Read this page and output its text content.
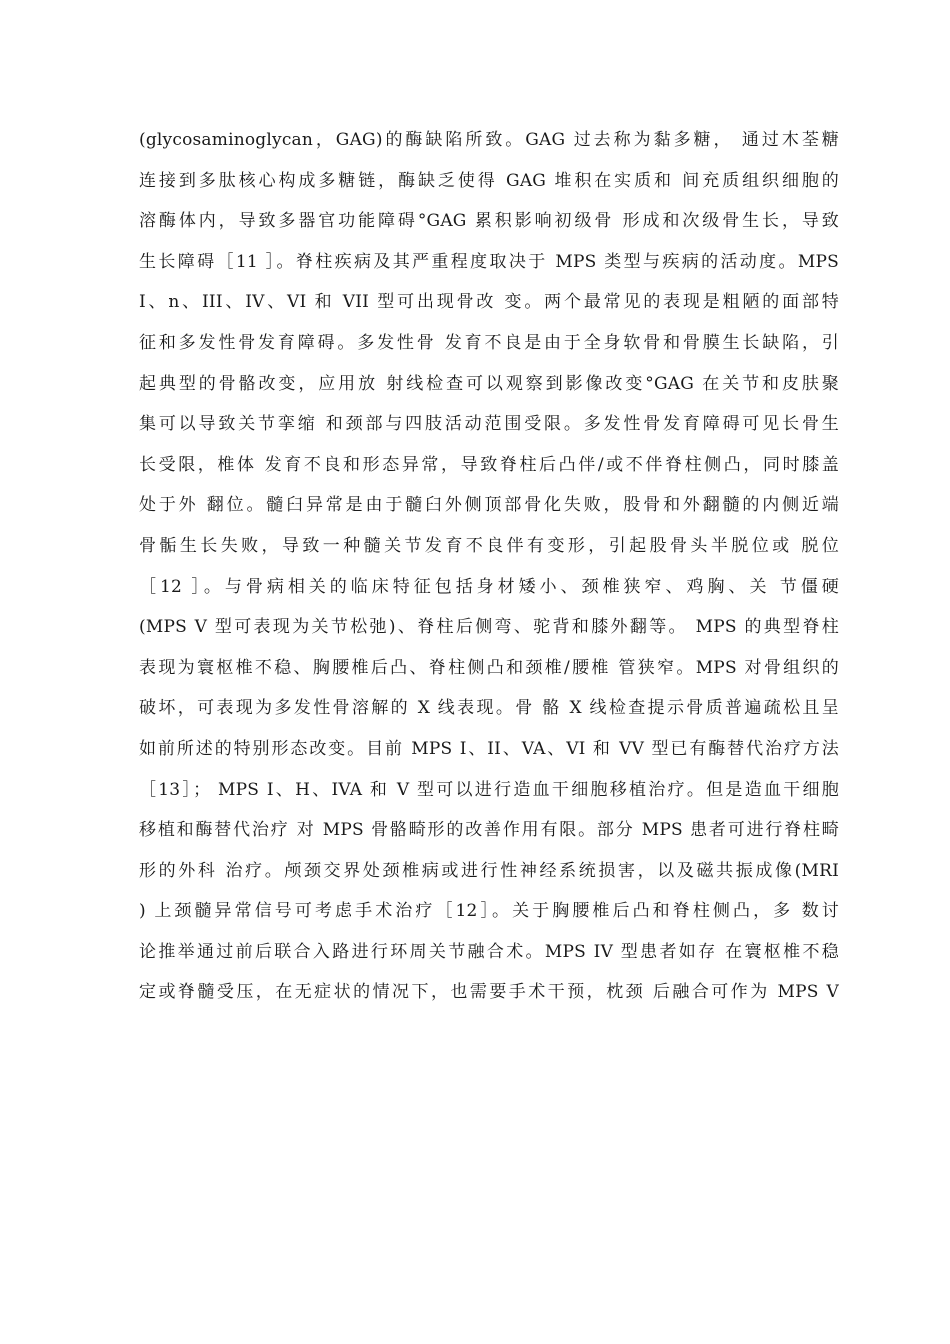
(glycosaminoglycan，GAG)的酶缺陷所致。GAG 过去称为黏多糖， 通过木荃糖
连接到多肽核心构成多糖链，酶缺乏使得 GAG 堆积在实质和 间充质组织细胞的
溶酶体内，导致多器官功能障碍°GAG 累积影响初级骨 形成和次级骨生长，导致
生长障碍［11 ］。脊柱疾病及其严重程度取决于 MPS 类型与疾病的活动度。MPS
I、n、III、IV、VI 和 VII 型可出现骨改 变。两个最常见的表现是粗陋的面部特
征和多发性骨发育障碍。多发性骨 发育不良是由于全身软骨和骨膜生长缺陷，引
起典型的骨骼改变，应用放 射线检查可以观察到影像改变°GAG 在关节和皮肤聚
集可以导致关节挛缩 和颈部与四肢活动范围受限。多发性骨发育障碍可见长骨生
长受限，椎体 发育不良和形态异常，导致脊柱后凸伴/或不伴脊柱侧凸，同时膝盖
处于外 翻位。髓臼异常是由于髓臼外侧顶部骨化失败，股骨和外翻髓的内侧近端
骨骺生长失败，导致一种髓关节发育不良伴有变形，引起股骨头半脱位或 脱位
［12 ］。与骨病相关的临床特征包括身材矮小、颈椎狭窄、鸡胸、关 节僵硬
(MPS V 型可表现为关节松弛)、脊柱后侧弯、驼背和膝外翻等。 MPS 的典型脊柱
表现为寰枢椎不稳、胸腰椎后凸、脊柱侧凸和颈椎/腰椎 管狭窄。MPS 对骨组织的
破坏，可表现为多发性骨溶解的 X 线表现。骨 骼 X 线检查提示骨质普遍疏松且呈
如前所述的特别形态改变。目前 MPS I、II、VA、VI 和 VV 型已有酶替代治疗方法
［13］； MPS I、H、IVA 和 V 型可以进行造血干细胞移植治疗。但是造血干细胞
移植和酶替代治疗 对 MPS 骨骼畸形的改善作用有限。部分 MPS 患者可进行脊柱畸
形的外科 治疗。颅颈交界处颈椎病或进行性神经系统损害，以及磁共振成像(MRI
) 上颈髓异常信号可考虑手术治疗［12］。关于胸腰椎后凸和脊柱侧凸，多 数讨
论推举通过前后联合入路进行环周关节融合术。MPS IV 型患者如存 在寰枢椎不稳
定或脊髓受压，在无症状的情况下，也需要手术干预，枕颈 后融合可作为 MPS V
